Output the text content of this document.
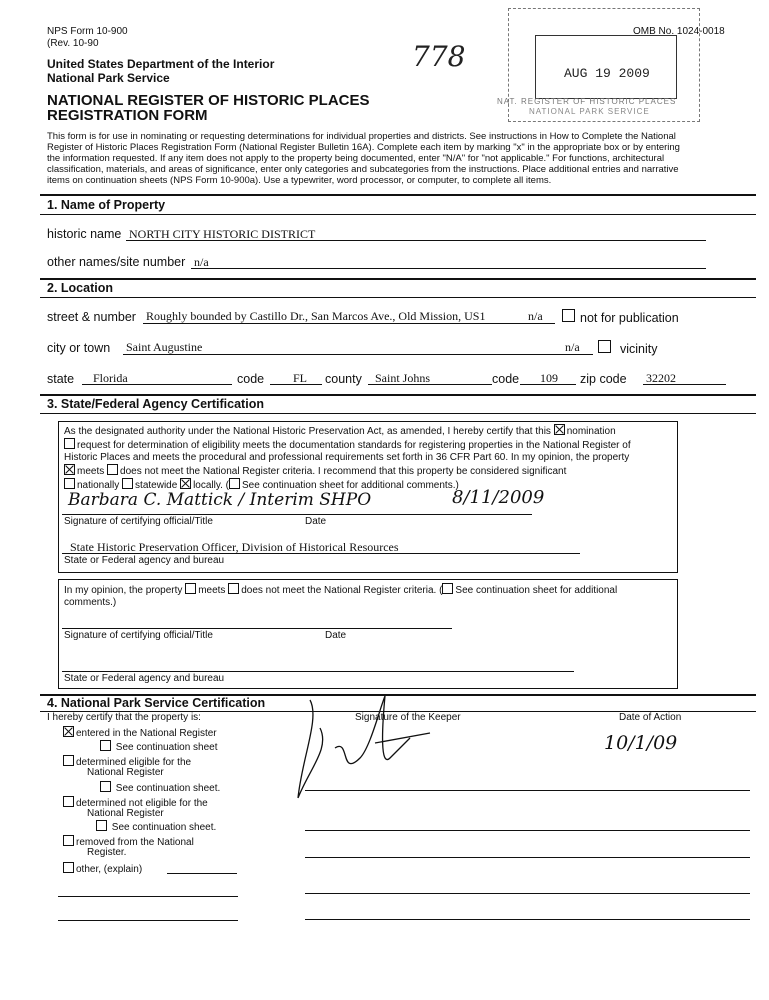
NPS Form 10-900
(Rev. 10-90
OMB No. 1024-0018
United States Department of the Interior
National Park Service
NATIONAL REGISTER OF HISTORIC PLACES
REGISTRATION FORM
778
AUG 19 2009
NAT. REGISTER OF HISTORIC PLACES
NATIONAL PARK SERVICE
This form is for use in nominating or requesting determinations for individual properties and districts. See instructions in How to Complete the National
Register of Historic Places Registration Form (National Register Bulletin 16A). Complete each item by marking "x" in the appropriate box or by entering
the information requested. If any item does not apply to the property being documented, enter "N/A" for "not applicable." For functions, architectural
classification, materials, and areas of significance, enter only categories and subcategories from the instructions. Place additional entries and narrative
items on continuation sheets (NPS Form 10-900a). Use a typewriter, word processor, or computer, to complete all items.
1. Name of Property
historic name NORTH CITY HISTORIC DISTRICT
other names/site number n/a
2. Location
street & number Roughly bounded by Castillo Dr., San Marcos Ave., Old Mission, US1	n/a	not for publication
city or town Saint Augustine	n/a	vicinity
state Florida	code FL county Saint Johns	code 109 zip code 32202
3. State/Federal Agency Certification
As the designated authority under the National Historic Preservation Act, as amended, I hereby certify that this nomination
request for determination of eligibility meets the documentation standards for registering properties in the National Register of
Historic Places and meets the procedural and professional requirements set forth in 36 CFR Part 60. In my opinion, the property
meets does not meet the National Register criteria. I recommend that this property be considered significant
nationally statewide locally. ( See continuation sheet for additional comments.)
Barbara C. Mattick / Interim SHPO	8/11/2009
Signature of certifying official/Title	Date
State Historic Preservation Officer, Division of Historical Resources
State or Federal agency and bureau
In my opinion, the property meets does not meet the National Register criteria. ( See continuation sheet for additional
comments.)
Signature of certifying official/Title	Date
State or Federal agency and bureau
4. National Park Service Certification
I hereby certify that the property is:	Signature of the Keeper	Date of Action
10/1/09
entered in the National Register
See continuation sheet
determined eligible for the
National Register
See continuation sheet.
determined not eligible for the
National Register
See continuation sheet.
removed from the National
Register.
other, (explain)
